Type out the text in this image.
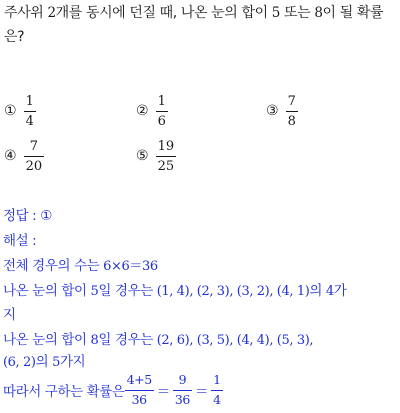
주사위 2개를 동시에 던질 때, 나온 눈의 합이 5 또는 8이 될 확률은?
① $\frac{1}{4}$	② $\frac{1}{6}$	③ $\frac{7}{8}$
④ $\frac{7}{20}$	⑤ $\frac{19}{25}$
정답 : ①
해설 :
전체 경우의 수는 6×6＝36
나온 눈의 합이 5일 경우는 (1, 4), (2, 3), (3, 2), (4, 1)의 4가
지
나온 눈의 합이 8일 경우는 (2, 6), (3, 5), (4, 4), (5, 3),
(6, 2)의 5가지
따라서 구하는 확률은 $\frac{4+5}{36} = \frac{9}{36} = \frac{1}{4}$
